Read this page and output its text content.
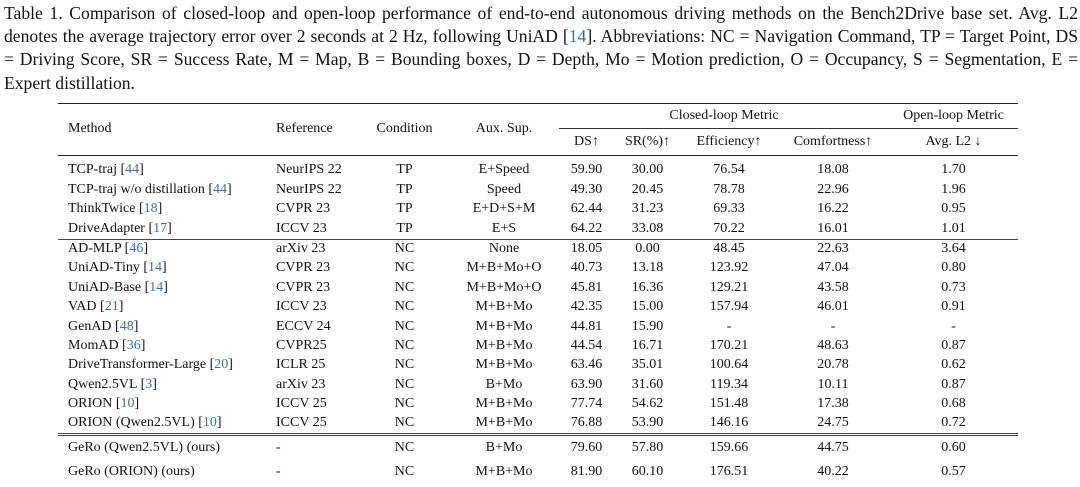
Table 1. Comparison of closed-loop and open-loop performance of end-to-end autonomous driving methods on the Bench2Drive base set. Avg. L2 denotes the average trajectory error over 2 seconds at 2 Hz, following UniAD [14]. Abbreviations: NC = Navigation Command, TP = Target Point, DS = Driving Score, SR = Success Rate, M = Map, B = Bounding boxes, D = Depth, Mo = Motion prediction, O = Occupancy, S = Segmentation, E = Expert distillation.
Method	Reference	Condition	Aux. Sup.	Closed-loop Metric				Open-loop Metric
				DS↑	SR(%)↑	Efficiency↑	Comfortness↑	Avg. L2 ↓
TCP-traj [44]	NeurIPS 22	TP	E+Speed	59.90	30.00	76.54	18.08	1.70
TCP-traj w/o distillation [44]	NeurIPS 22	TP	Speed	49.30	20.45	78.78	22.96	1.96
ThinkTwice [18]	CVPR 23	TP	E+D+S+M	62.44	31.23	69.33	16.22	0.95
DriveAdapter [17]	ICCV 23	TP	E+S	64.22	33.08	70.22	16.01	1.01
AD-MLP [46]	arXiv 23	NC	None	18.05	0.00	48.45	22.63	3.64
UniAD-Tiny [14]	CVPR 23	NC	M+B+Mo+O	40.73	13.18	123.92	47.04	0.80
UniAD-Base [14]	CVPR 23	NC	M+B+Mo+O	45.81	16.36	129.21	43.58	0.73
VAD [21]	ICCV 23	NC	M+B+Mo	42.35	15.00	157.94	46.01	0.91
GenAD [48]	ECCV 24	NC	M+B+Mo	44.81	15.90	-	-	-
MomAD [36]	CVPR25	NC	M+B+Mo	44.54	16.71	170.21	48.63	0.87
DriveTransformer-Large [20]	ICLR 25	NC	M+B+Mo	63.46	35.01	100.64	20.78	0.62
Qwen2.5VL [3]	arXiv 23	NC	B+Mo	63.90	31.60	119.34	10.11	0.87
ORION [10]	ICCV 25	NC	M+B+Mo	77.74	54.62	151.48	17.38	0.68
ORION (Qwen2.5VL) [10]	ICCV 25	NC	M+B+Mo	76.88	53.90	146.16	24.75	0.72
GeRo (Qwen2.5VL) (ours)	-	NC	B+Mo	79.60	57.80	159.66	44.75	0.60
GeRo (ORION) (ours)	-	NC	M+B+Mo	81.90	60.10	176.51	40.22	0.57
